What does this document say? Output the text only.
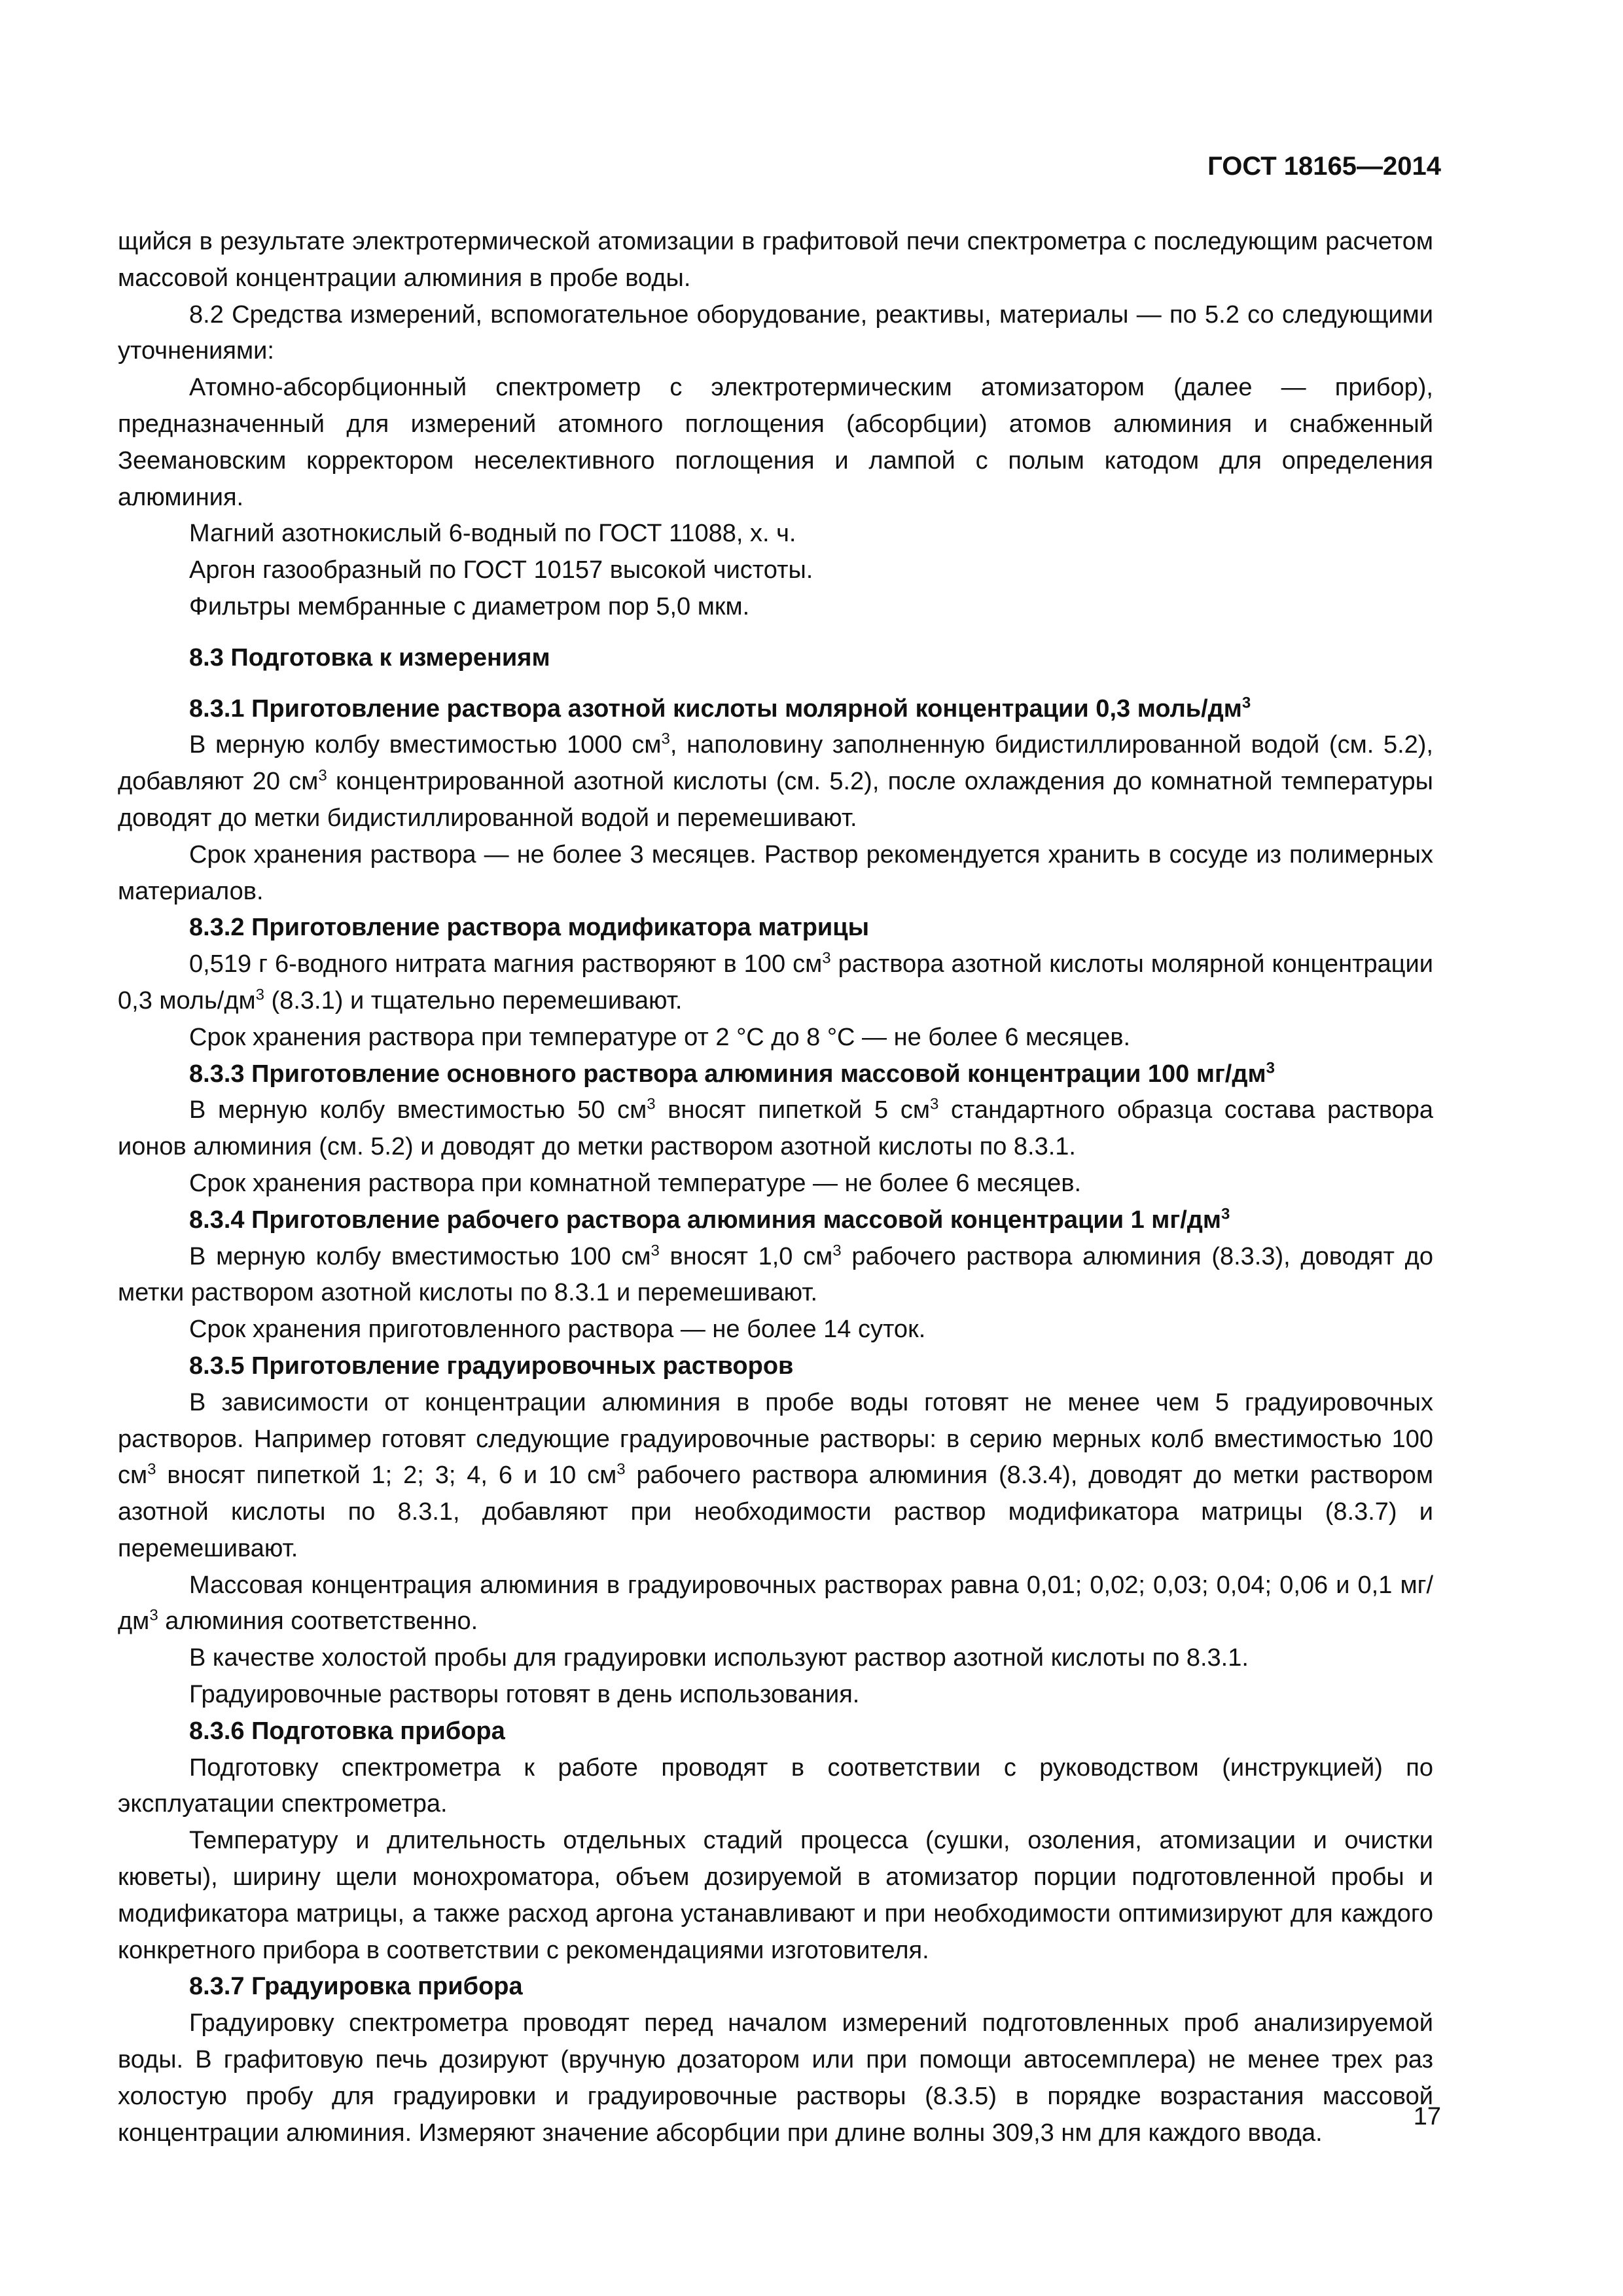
ГОСТ 18165—2014

щийся в результате электротермической атомизации в графитовой печи спектрометра с последующим расчетом массовой концентрации алюминия в пробе воды.

8.2 Средства измерений, вспомогательное оборудование, реактивы, материалы — по 5.2 со следующими уточнениями:

Атомно-абсорбционный спектрометр с электротермическим атомизатором (далее — прибор), предназначенный для измерений атомного поглощения (абсорбции) атомов алюминия и снабженный Зеемановским корректором неселективного поглощения и лампой с полым катодом для определения алюминия.

Магний азотнокислый 6-водный по ГОСТ 11088, х. ч.

Аргон газообразный по ГОСТ 10157 высокой чистоты.

Фильтры мембранные с диаметром пор 5,0 мкм.

8.3 Подготовка к измерениям

8.3.1 Приготовление раствора азотной кислоты молярной концентрации 0,3 моль/$дм^3$

В мерную колбу вместимостью 1000 $см^3$, наполовину заполненную бидистиллированной водой (см. 5.2), добавляют 20 $см^3$ концентрированной азотной кислоты (см. 5.2), после охлаждения до комнатной температуры доводят до метки бидистиллированной водой и перемешивают.

Срок хранения раствора — не более 3 месяцев. Раствор рекомендуется хранить в сосуде из полимерных материалов.

8.3.2 Приготовление раствора модификатора матрицы

0,519 г 6-водного нитрата магния растворяют в 100 $см^3$ раствора азотной кислоты молярной концентрации 0,3 моль/$дм^3$ (8.3.1) и тщательно перемешивают.

Срок хранения раствора при температуре от 2 °C до 8 °C — не более 6 месяцев.

8.3.3 Приготовление основного раствора алюминия массовой концентрации 100 $мг/дм^3$

В мерную колбу вместимостью 50 $см^3$ вносят пипеткой 5 $см^3$ стандартного образца состава раствора ионов алюминия (см. 5.2) и доводят до метки раствором азотной кислоты по 8.3.1.

Срок хранения раствора при комнатной температуре — не более 6 месяцев.

8.3.4 Приготовление рабочего раствора алюминия массовой концентрации 1 $мг/дм^3$

В мерную колбу вместимостью 100 $см^3$ вносят 1,0 $см^3$ рабочего раствора алюминия (8.3.3), доводят до метки раствором азотной кислоты по 8.3.1 и перемешивают.

Срок хранения приготовленного раствора — не более 14 суток.

8.3.5 Приготовление градуировочных растворов

В зависимости от концентрации алюминия в пробе воды готовят не менее чем 5 градуировочных растворов. Например готовят следующие градуировочные растворы: в серию мерных колб вместимостью 100 $см^3$ вносят пипеткой 1; 2; 3; 4, 6 и 10 $см^3$ рабочего раствора алюминия (8.3.4), доводят до метки раствором азотной кислоты по 8.3.1, добавляют при необходимости раствор модификатора матрицы (8.3.7) и перемешивают.

Массовая концентрация алюминия в градуировочных растворах равна 0,01; 0,02; 0,03; 0,04; 0,06 и 0,1 $мг/дм^3$ алюминия соответственно.

В качестве холостой пробы для градуировки используют раствор азотной кислоты по 8.3.1.

Градуировочные растворы готовят в день использования.

8.3.6 Подготовка прибора

Подготовку спектрометра к работе проводят в соответствии с руководством (инструкцией) по эксплуатации спектрометра.

Температуру и длительность отдельных стадий процесса (сушки, озоления, атомизации и очистки кюветы), ширину щели монохроматора, объем дозируемой в атомизатор порции подготовленной пробы и модификатора матрицы, а также расход аргона устанавливают и при необходимости оптимизируют для каждого конкретного прибора в соответствии с рекомендациями изготовителя.

8.3.7 Градуировка прибора

Градуировку спектрометра проводят перед началом измерений подготовленных проб анализируемой воды. В графитовую печь дозируют (вручную дозатором или при помощи автосемплера) не менее трех раз холостую пробу для градуировки и градуировочные растворы (8.3.5) в порядке возрастания массовой концентрации алюминия. Измеряют значение абсорбции при длине волны 309,3 нм для каждого ввода.

17
